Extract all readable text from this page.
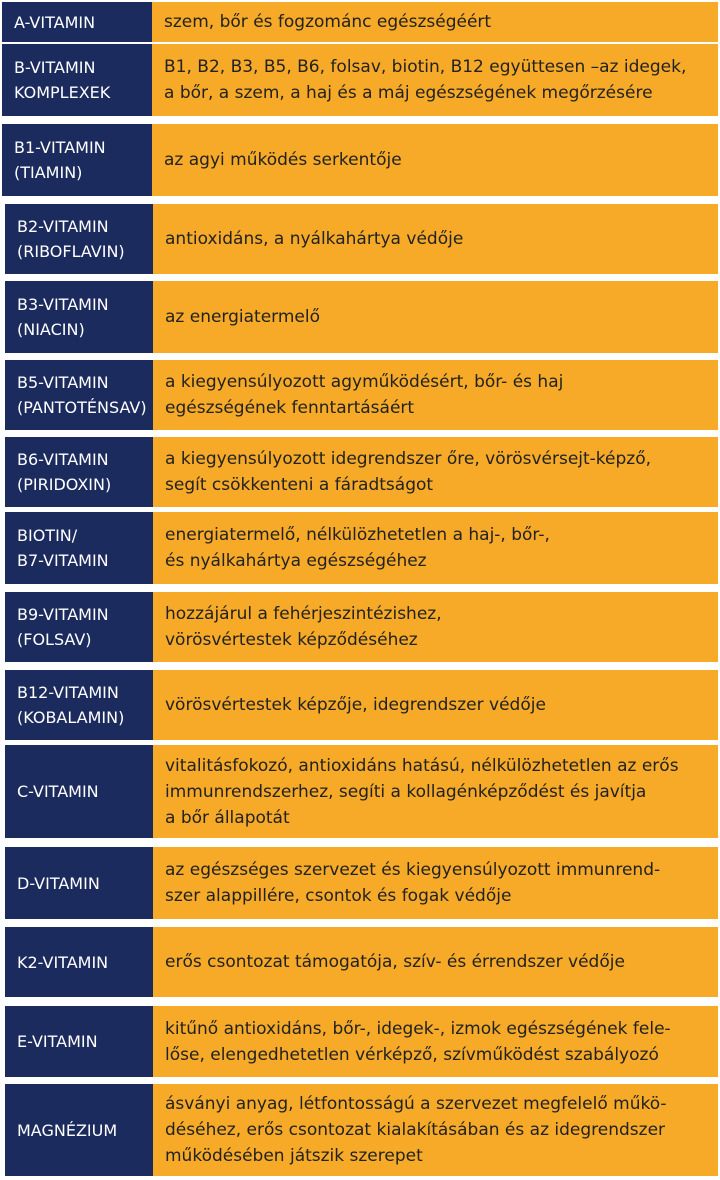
A-VITAMIN	szem, bőr és fogzománc egészségéért
B-VITAMIN
KOMPLEXEK
B1, B2, B3, B5, B6, folsav, biotin, B12 együttesen –az idegek,
a bőr, a szem, a haj és a máj egészségének megőrzésére
B1-VITAMIN
(TIAMIN)
az agyi működés serkentője
B2-VITAMIN
(RIBOFLAVIN)
antioxidáns, a nyálkahártya védője
B3-VITAMIN
(NIACIN)
az energiatermelő
B5-VITAMIN
(PANTOTÉNSAV)
a kiegyensúlyozott agyműködésért, bőr- és haj
egészségének fenntartásáért
B6-VITAMIN
(PIRIDOXIN)
a kiegyensúlyozott idegrendszer őre, vörösvérsejt-képző,
segít csökkenteni a fáradtságot
BIOTIN/
B7-VITAMIN
energiatermelő, nélkülözhetetlen a haj-, bőr-,
és nyálkahártya egészségéhez
B9-VITAMIN
(FOLSAV)
hozzájárul a fehérjeszintézishez,
vörösvértestek képződéséhez
B12-VITAMIN
(KOBALAMIN)
vörösvértestek képzője, idegrendszer védője
C-VITAMIN
vitalitásfokozó, antioxidáns hatású, nélkülözhetetlen az erős
immunrendszerhez, segíti a kollagénképződést és javítja
a bőr állapotát
D-VITAMIN
az egészséges szervezet és kiegyensúlyozott immunrend-
szer alappillére, csontok és fogak védője
K2-VITAMIN	erős csontozat támogatója, szív- és érrendszer védője
E-VITAMIN
kitűnő antioxidáns, bőr-, idegek-, izmok egészségének fele-
lőse, elengedhetetlen vérképző, szívműködést szabályozó
MAGNÉZIUM
ásványi anyag, létfontosságú a szervezet megfelelő műkö-
déséhez, erős csontozat kialakításában és az idegrendszer
működésében játszik szerepet
